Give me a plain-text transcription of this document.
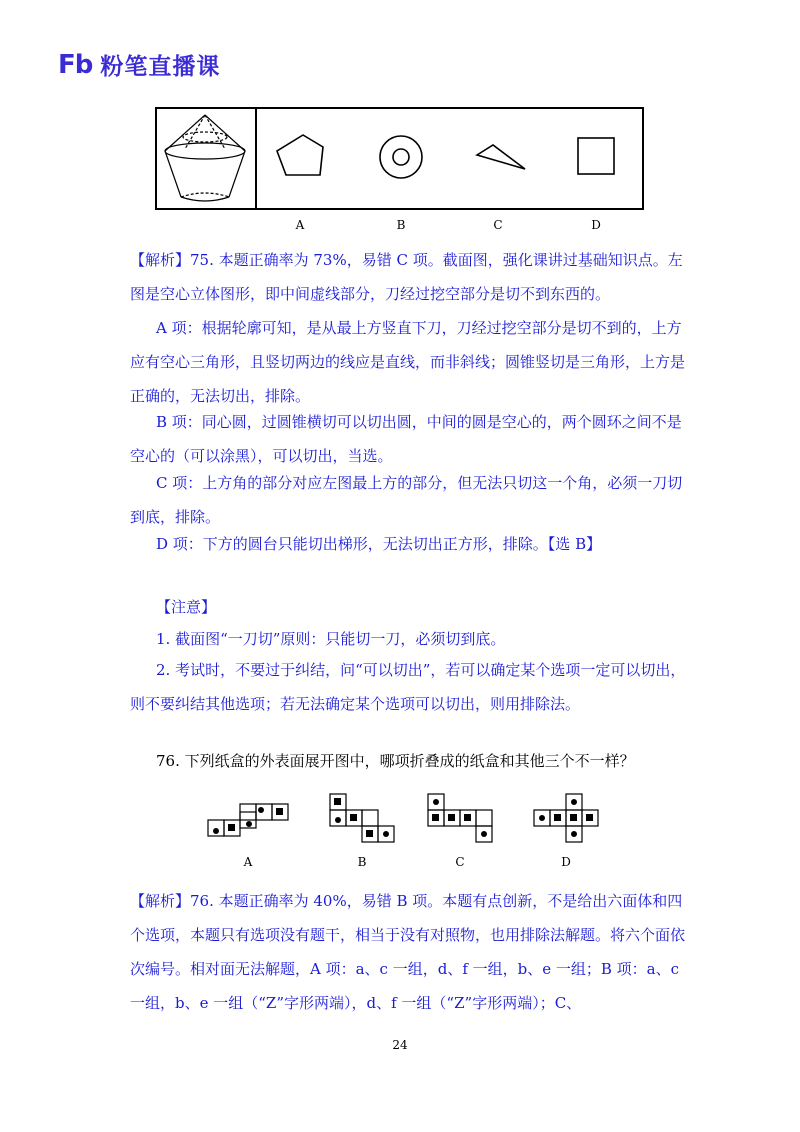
Fb 粉笔直播课
A	B	C	D
【解析】75. 本题正确率为 73%，易错 C 项。截面图，强化课讲过基础知识点。左图是空心立体图形，即中间虚线部分，刀经过挖空部分是切不到东西的。
A 项：根据轮廓可知，是从最上方竖直下刀，刀经过挖空部分是切不到的，上方应有空心三角形，且竖切两边的线应是直线，而非斜线；圆锥竖切是三角形，上方是正确的，无法切出，排除。
B 项：同心圆，过圆锥横切可以切出圆，中间的圆是空心的，两个圆环之间不是空心的（可以涂黑），可以切出，当选。
C 项：上方角的部分对应左图最上方的部分，但无法只切这一个角，必须一刀切到底，排除。
D 项：下方的圆台只能切出梯形，无法切出正方形，排除。【选 B】
【注意】
1. 截面图“一刀切”原则：只能切一刀，必须切到底。
2. 考试时，不要过于纠结，问“可以切出”，若可以确定某个选项一定可以切出，则不要纠结其他选项；若无法确定某个选项可以切出，则用排除法。
76. 下列纸盒的外表面展开图中，哪项折叠成的纸盒和其他三个不一样？
A	B	C	D
【解析】76. 本题正确率为 40%，易错 B 项。本题有点创新，不是给出六面体和四个选项，本题只有选项没有题干，相当于没有对照物，也用排除法解题。将六个面依次编号。相对面无法解题，A 项：a、c 一组，d、f 一组，b、e 一组；B 项：a、c 一组，b、e 一组（“Z”字形两端），d、f 一组（“Z”字形两端）；C、
24
